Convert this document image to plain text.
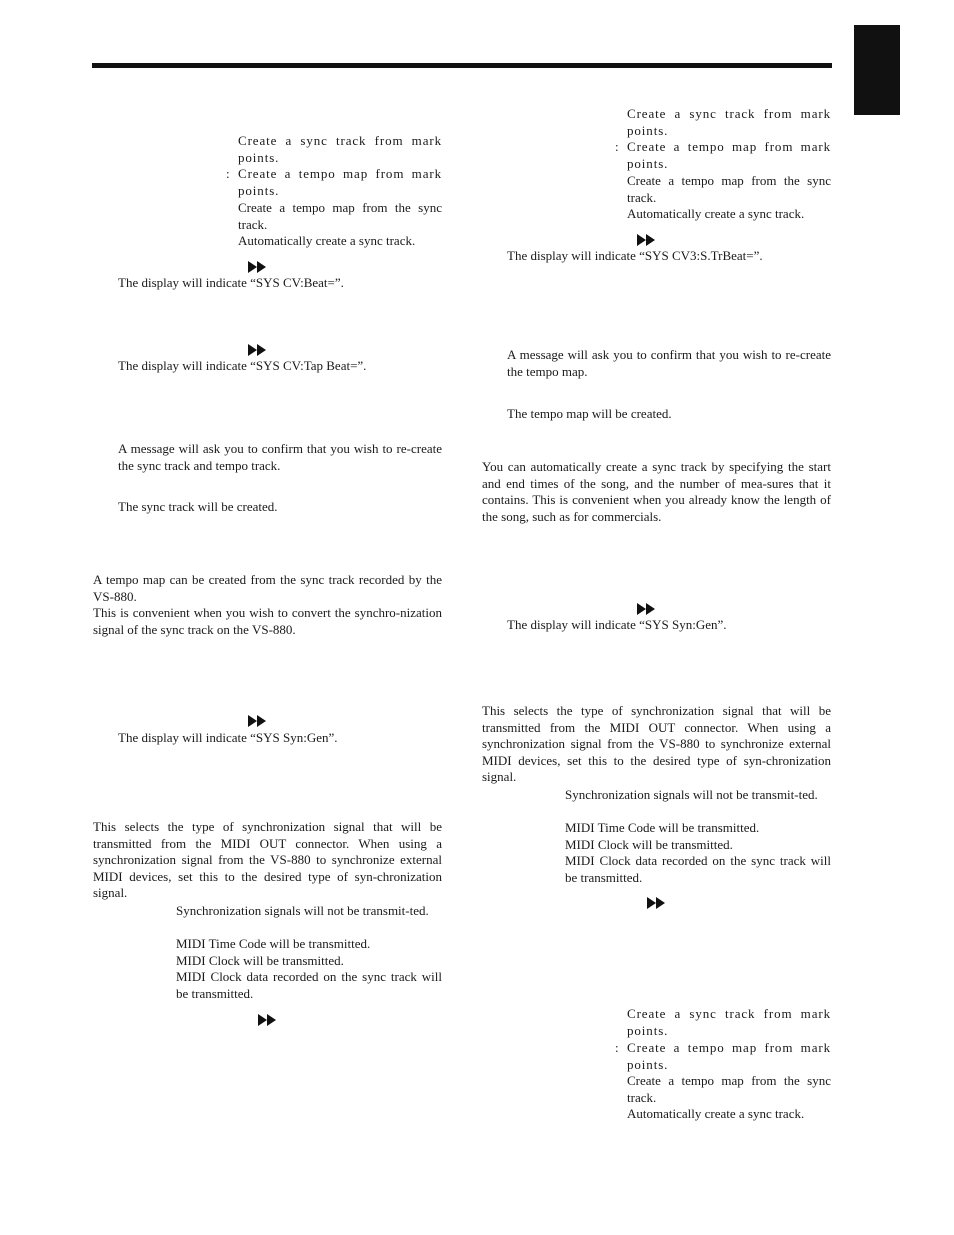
Create a sync track from mark points.
: Create a tempo map from mark points.
Create a tempo map from the sync track.
Automatically create a sync track.
The display will indicate “SYS CV:Beat=”.
The display will indicate “SYS CV:Tap Beat=”.
A message will ask you to confirm that you wish to re-create the sync track and tempo track.
The sync track will be created.
A tempo map can be created from the sync track recorded by the VS-880.
This is convenient when you wish to convert the synchro-nization signal of the sync track on the VS-880.
The display will indicate “SYS Syn:Gen”.
This selects the type of synchronization signal that will be transmitted from the MIDI OUT connector. When using a synchronization signal from the VS-880 to synchronize external MIDI devices, set this to the desired type of syn-chronization signal.
Synchronization signals will not be transmit-ted.
MIDI Time Code will be transmitted.
MIDI Clock will be transmitted.
MIDI Clock data recorded on the sync track will be transmitted.
Create a sync track from mark points.
: Create a tempo map from mark points.
Create a tempo map from the sync track.
Automatically create a sync track.
The display will indicate “SYS CV3:S.TrBeat=”.
A message will ask you to confirm that you wish to re-create the tempo map.
The tempo map will be created.
You can automatically create a sync track by specifying the start and end times of the song, and the number of mea-sures that it contains. This is convenient when you already know the length of the song, such as for commercials.
The display will indicate “SYS Syn:Gen”.
This selects the type of synchronization signal that will be transmitted from the MIDI OUT connector. When using a synchronization signal from the VS-880 to synchronize external MIDI devices, set this to the desired type of syn-chronization signal.
Synchronization signals will not be transmit-ted.
MIDI Time Code will be transmitted.
MIDI Clock will be transmitted.
MIDI Clock data recorded on the sync track will be transmitted.
Create a sync track from mark points.
: Create a tempo map from mark points.
Create a tempo map from the sync track.
Automatically create a sync track.
